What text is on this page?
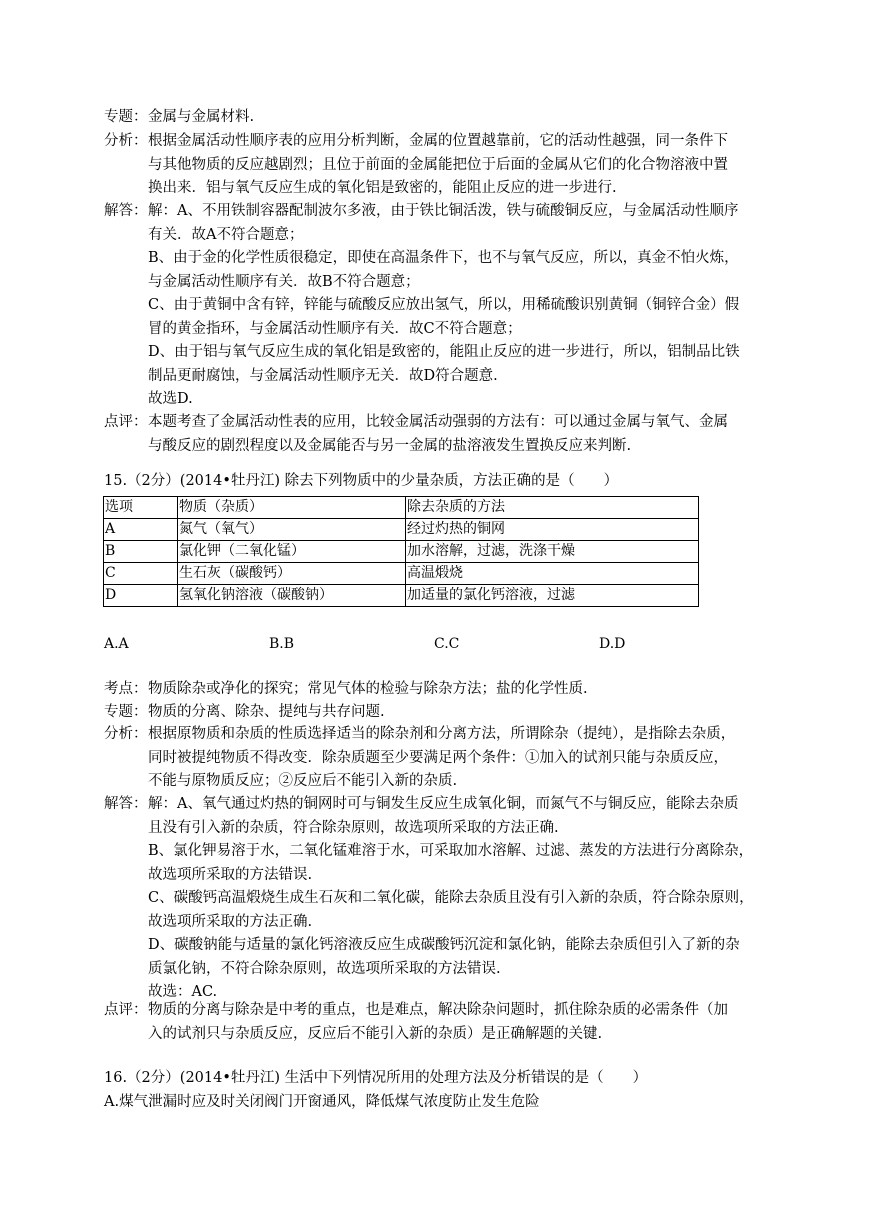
专题： 金属与金属材料.
分析： 根据金属活动性顺序表的应用分析判断，金属的位置越靠前，它的活动性越强，同一条件下

与其他物质的反应越剧烈；且位于前面的金属能把位于后面的金属从它们的化合物溶液中置

换出来．铝与氧气反应生成的氧化铝是致密的，能阻止反应的进一步进行.

解答： 解：A、不用铁制容器配制波尔多液，由于铁比铜活泼，铁与硫酸铜反应，与金属活动性顺序

有关．故A不符合题意；

B、由于金的化学性质很稳定，即使在高温条件下，也不与氧气反应，所以，真金不怕火炼，

与金属活动性顺序有关．故B不符合题意；

C、由于黄铜中含有锌，锌能与硫酸反应放出氢气，所以，用稀硫酸识别黄铜（铜锌合金）假

冒的黄金指环，与金属活动性顺序有关．故C不符合题意；

D、由于铝与氧气反应生成的氧化铝是致密的，能阻止反应的进一步进行，所以，铝制品比铁

制品更耐腐蚀，与金属活动性顺序无关．故D符合题意.

故选D.

点评： 本题考查了金属活动性表的应用，比较金属活动强弱的方法有：可以通过金属与氧气、金属

与酸反应的剧烈程度以及金属能否与另一金属的盐溶液发生置换反应来判断.

15.（2分）(2014•牡丹江) 除去下列物质中的少量杂质，方法正确的是（　　）
选项	物质（杂质）	除去杂质的方法
A	氮气（氧气）	经过灼热的铜网
B	氯化钾（二氧化锰）	加水溶解，过滤，洗涤干燥
C	生石灰（碳酸钙）	高温煅烧
D	氢氧化钠溶液（碳酸钠）	加适量的氯化钙溶液，过滤
A.A	B.B	C.C	D.D
考点： 物质除杂或净化的探究；常见气体的检验与除杂方法；盐的化学性质.
专题： 物质的分离、除杂、提纯与共存问题.
分析： 根据原物质和杂质的性质选择适当的除杂剂和分离方法，所谓除杂（提纯），是指除去杂质，

同时被提纯物质不得改变．除杂质题至少要满足两个条件：①加入的试剂只能与杂质反应，

不能与原物质反应；②反应后不能引入新的杂质.

解答： 解：A、氧气通过灼热的铜网时可与铜发生反应生成氧化铜，而氮气不与铜反应，能除去杂质

且没有引入新的杂质，符合除杂原则，故选项所采取的方法正确.

B、氯化钾易溶于水，二氧化锰难溶于水，可采取加水溶解、过滤、蒸发的方法进行分离除杂，

故选项所采取的方法错误.

C、碳酸钙高温煅烧生成生石灰和二氧化碳，能除去杂质且没有引入新的杂质，符合除杂原则，

故选项所采取的方法正确.

D、碳酸钠能与适量的氯化钙溶液反应生成碳酸钙沉淀和氯化钠，能除去杂质但引入了新的杂

质氯化钠，不符合除杂原则，故选项所采取的方法错误.

故选：AC.

点评： 物质的分离与除杂是中考的重点，也是难点，解决除杂问题时，抓住除杂质的必需条件（加

入的试剂只与杂质反应，反应后不能引入新的杂质）是正确解题的关键.

16.（2分）(2014•牡丹江) 生活中下列情况所用的处理方法及分析错误的是（　　）
A.煤气泄漏时应及时关闭阀门开窗通风，降低煤气浓度防止发生危险
